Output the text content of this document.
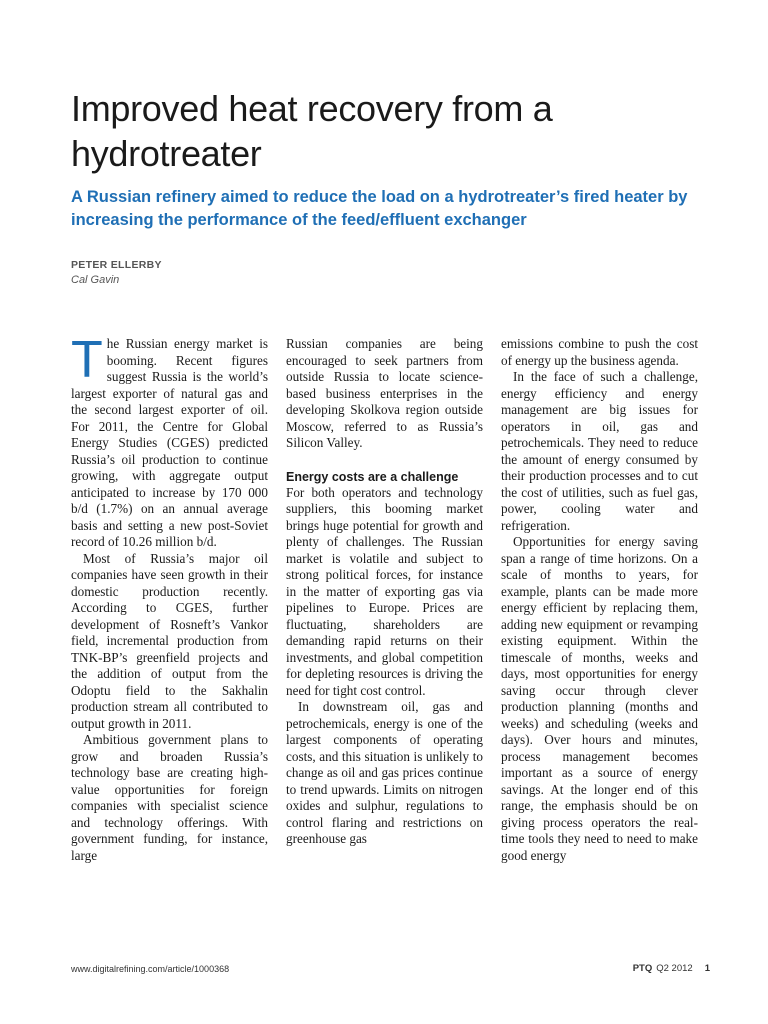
Improved heat recovery from a hydrotreater
A Russian refinery aimed to reduce the load on a hydrotreater’s fired heater by increasing the performance of the feed/effluent exchanger
PETER ELLERBY
Cal Gavin

The Russian energy market is booming. Recent figures suggest Russia is the world’s largest exporter of natural gas and the second largest exporter of oil. For 2011, the Centre for Global Energy Studies (CGES) predicted Russia’s oil production to continue growing, with aggregate output anticipated to increase by 170 000 b/d (1.7%) on an annual average basis and setting a new post-Soviet record of 10.26 million b/d.

Most of Russia’s major oil companies have seen growth in their domestic production recently. According to CGES, further development of Rosneft’s Vankor field, incremental production from TNK-BP’s greenfield projects and the addition of output from the Odoptu field to the Sakhalin production stream all contributed to output growth in 2011.

Ambitious government plans to grow and broaden Russia’s technology base are creating high-value opportunities for foreign companies with specialist science and technology offerings. With government funding, for instance, large

Russian companies are being encouraged to seek partners from outside Russia to locate science-based business enterprises in the developing Skolkova region outside Moscow, referred to as Russia’s Silicon Valley.

Energy costs are a challenge

For both operators and technology suppliers, this booming market brings huge potential for growth and plenty of challenges. The Russian market is volatile and subject to strong political forces, for instance in the matter of exporting gas via pipelines to Europe. Prices are fluctuating, shareholders are demanding rapid returns on their investments, and global competition for depleting resources is driving the need for tight cost control.

In downstream oil, gas and petrochemicals, energy is one of the largest components of operating costs, and this situation is unlikely to change as oil and gas prices continue to trend upwards. Limits on nitrogen oxides and sulphur, regulations to control flaring and restrictions on greenhouse gas

emissions combine to push the cost of energy up the business agenda.

In the face of such a challenge, energy efficiency and energy management are big issues for operators in oil, gas and petrochemicals. They need to reduce the amount of energy consumed by their production processes and to cut the cost of utilities, such as fuel gas, power, cooling water and refrigeration.

Opportunities for energy saving span a range of time horizons. On a scale of months to years, for example, plants can be made more energy efficient by replacing them, adding new equipment or revamping existing equipment. Within the timescale of months, weeks and days, most opportunities for energy saving occur through clever production planning (months and weeks) and scheduling (weeks and days). Over hours and minutes, process management becomes important as a source of energy savings. At the longer end of this range, the emphasis should be on giving process operators the real-time tools they need to need to make good energy

www.digitalrefining.com/article/1000368	PTQ Q2 2012 1
